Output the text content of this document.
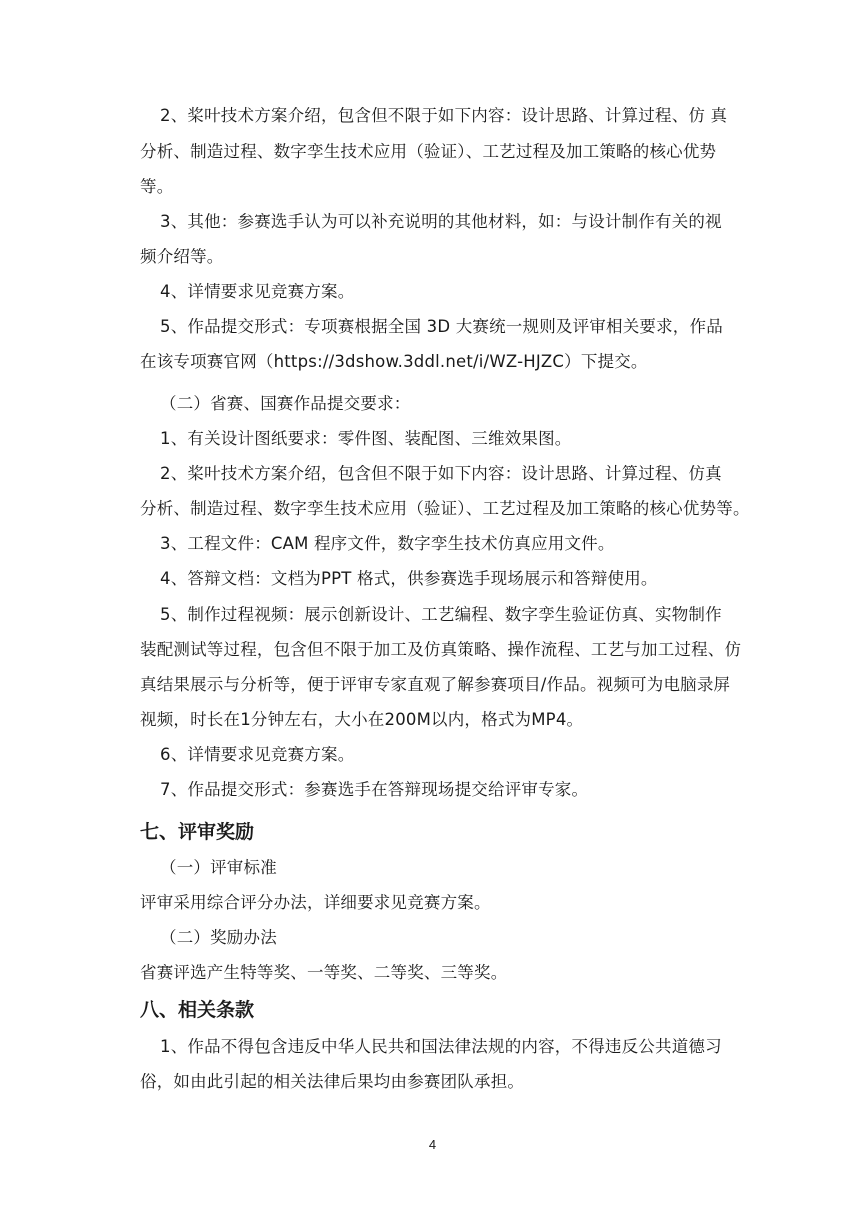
2、桨叶技术方案介绍，包含但不限于如下内容：设计思路、计算过程、仿 真
分析、制造过程、数字孪生技术应用（验证）、工艺过程及加工策略的核心优势
等。
3、其他：参赛选手认为可以补充说明的其他材料，如：与设计制作有关的视
频介绍等。
4、详情要求见竞赛方案。
5、作品提交形式：专项赛根据全国 3D 大赛统一规则及评审相关要求，作品
在该专项赛官网（https://3dshow.3ddl.net/i/WZ-HJZC）下提交。
（二）省赛、国赛作品提交要求：
1、有关设计图纸要求：零件图、装配图、三维效果图。
2、桨叶技术方案介绍，包含但不限于如下内容：设计思路、计算过程、仿真
分析、制造过程、数字孪生技术应用（验证）、工艺过程及加工策略的核心优势等。
3、工程文件：CAM 程序文件，数字孪生技术仿真应用文件。
4、答辩文档：文档为PPT 格式，供参赛选手现场展示和答辩使用。
5、制作过程视频：展示创新设计、工艺编程、数字孪生验证仿真、实物制作
装配测试等过程，包含但不限于加工及仿真策略、操作流程、工艺与加工过程、仿
真结果展示与分析等，便于评审专家直观了解参赛项目/作品。视频可为电脑录屏
视频，时长在1分钟左右，大小在200M以内，格式为MP4。
6、详情要求见竞赛方案。
7、作品提交形式：参赛选手在答辩现场提交给评审专家。
七、评审奖励
（一）评审标准
评审采用综合评分办法，详细要求见竞赛方案。
（二）奖励办法
省赛评选产生特等奖、一等奖、二等奖、三等奖。
八、相关条款
1、作品不得包含违反中华人民共和国法律法规的内容，不得违反公共道德习
俗，如由此引起的相关法律后果均由参赛团队承担。
4
